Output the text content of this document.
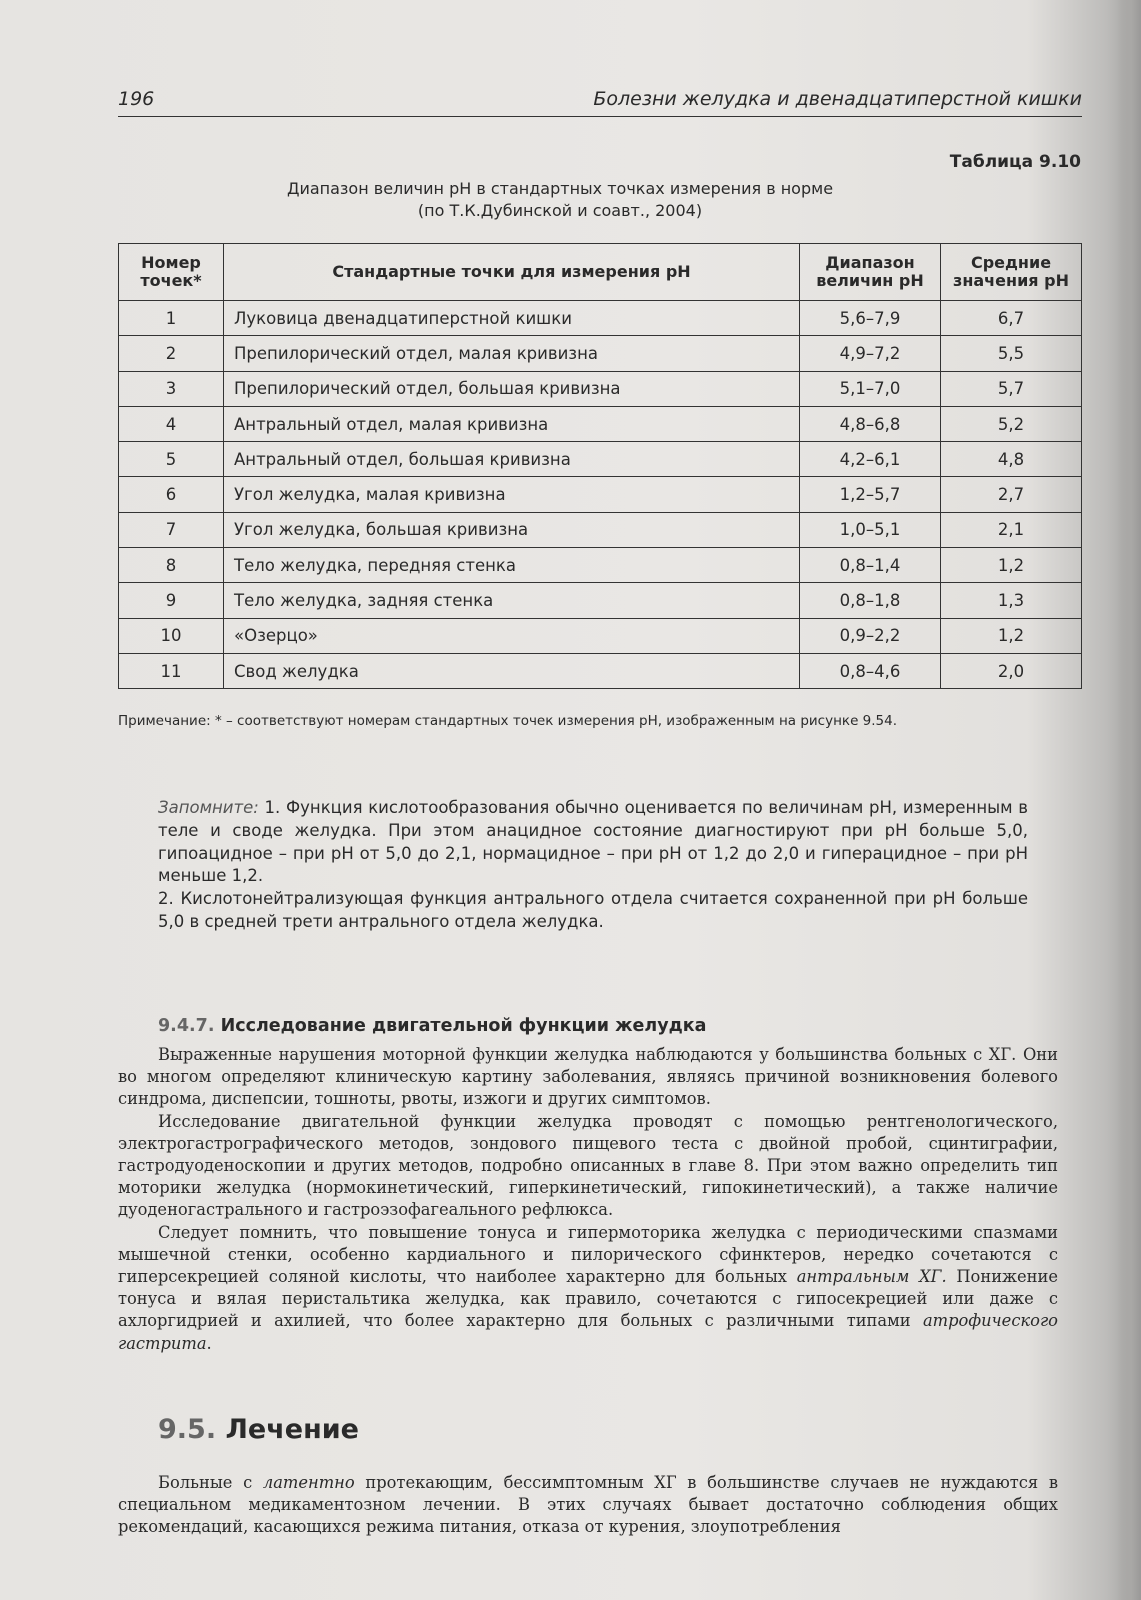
196	Болезни желудка и двенадцатиперстной кишки
Таблица 9.10
Диапазон величин рН в стандартных точках измерения в норме
(по Т.К.Дубинской и соавт., 2004)
Номер точек*	Стандартные точки для измерения рН	Диапазон величин рН	Средние значения рН
1	Луковица двенадцатиперстной кишки	5,6–7,9	6,7
2	Препилорический отдел, малая кривизна	4,9–7,2	5,5
3	Препилорический отдел, большая кривизна	5,1–7,0	5,7
4	Антральный отдел, малая кривизна	4,8–6,8	5,2
5	Антральный отдел, большая кривизна	4,2–6,1	4,8
6	Угол желудка, малая кривизна	1,2–5,7	2,7
7	Угол желудка, большая кривизна	1,0–5,1	2,1
8	Тело желудка, передняя стенка	0,8–1,4	1,2
9	Тело желудка, задняя стенка	0,8–1,8	1,3
10	«Озерцо»	0,9–2,2	1,2
11	Свод желудка	0,8–4,6	2,0
Примечание: * – соответствуют номерам стандартных точек измерения рН, изображенным на рисунке 9.54.

Запомните: 1. Функция кислотообразования обычно оценивается по величинам рН, измеренным в теле и своде желудка. При этом анацидное состояние диагностируют при рН больше 5,0, гипоацидное – при рН от 5,0 до 2,1, нормацидное – при рН от 1,2 до 2,0 и гиперацидное – при рН меньше 1,2.

2. Кислотонейтрализующая функция антрального отдела считается сохраненной при рН больше 5,0 в средней трети антрального отдела желудка.

9.4.7. Исследование двигательной функции желудка

Выраженные нарушения моторной функции желудка наблюдаются у большинства больных с ХГ. Они во многом определяют клиническую картину заболевания, являясь причиной возникновения болевого синдрома, диспепсии, тошноты, рвоты, изжоги и других симптомов.

Исследование двигательной функции желудка проводят с помощью рентгенологического, электрогастрографического методов, зондового пищевого теста с двойной пробой, сцинтиграфии, гастродуоденоскопии и других методов, подробно описанных в главе 8. При этом важно определить тип моторики желудка (нормокинетический, гиперкинетический, гипокинетический), а также наличие дуоденогастрального и гастроэзофагеального рефлюкса.

Следует помнить, что повышение тонуса и гипермоторика желудка с периодическими спазмами мышечной стенки, особенно кардиального и пилорического сфинктеров, нередко сочетаются с гиперсекрецией соляной кислоты, что наиболее характерно для больных антральным ХГ. Понижение тонуса и вялая перистальтика желудка, как правило, сочетаются с гипосекрецией или даже с ахлоргидрией и ахилией, что более характерно для больных с различными типами атрофического гастрита.

9.5. Лечение

Больные с латентно протекающим, бессимптомным ХГ в большинстве случаев не нуждаются в специальном медикаментозном лечении. В этих случаях бывает достаточно соблюдения общих рекомендаций, касающихся режима питания, отказа от курения, злоупотребления
